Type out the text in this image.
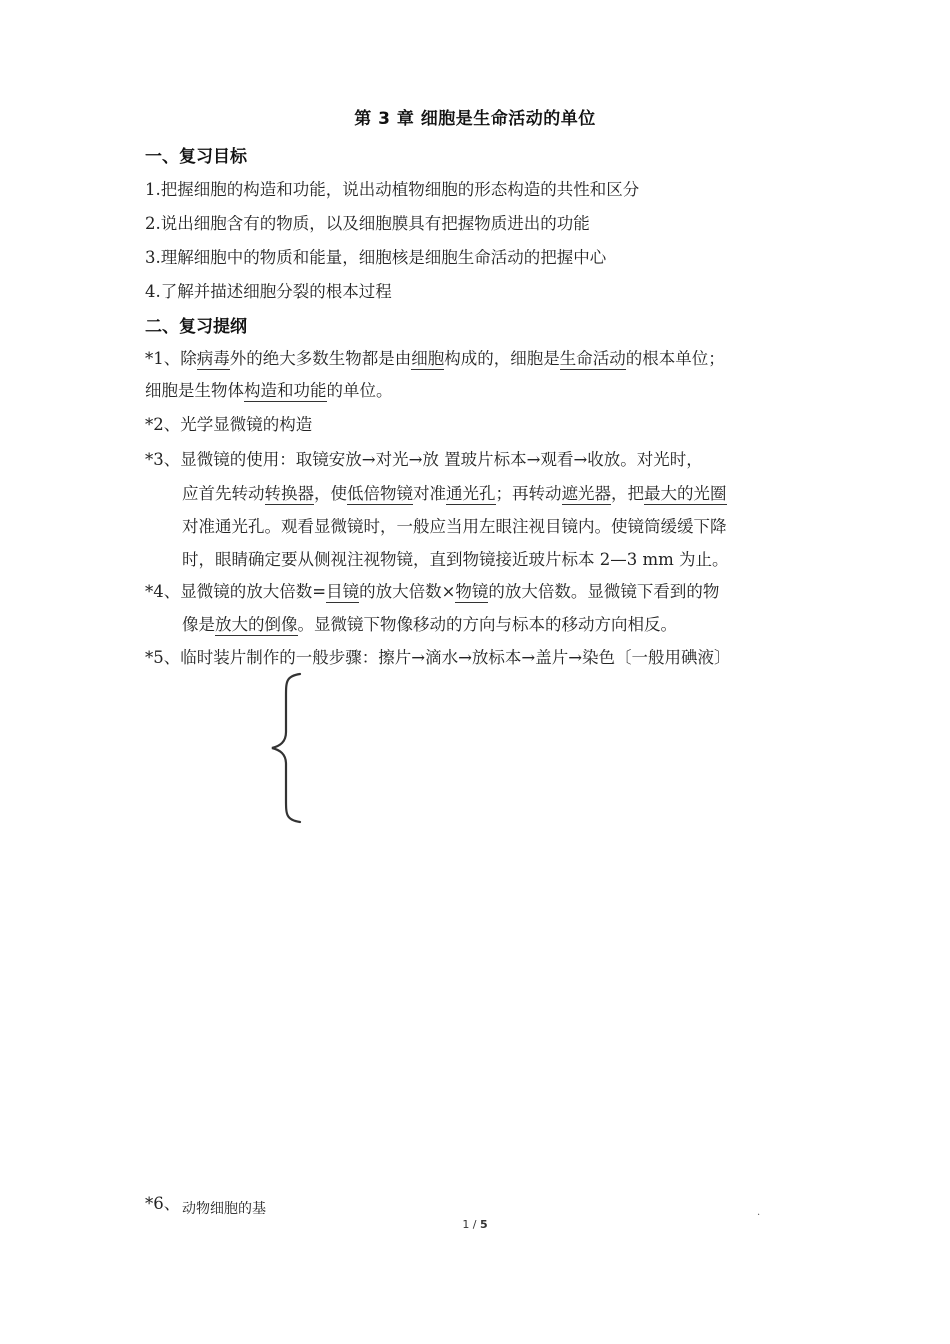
第 3 章 细胞是生命活动的单位
一、复习目标
1.把握细胞的构造和功能，说出动植物细胞的形态构造的共性和区分
2.说出细胞含有的物质，以及细胞膜具有把握物质进出的功能
3.理解细胞中的物质和能量，细胞核是细胞生命活动的把握中心
4.了解并描述细胞分裂的根本过程
二、复习提纲
*1、除病毒外的绝大多数生物都是由细胞构成的，细胞是生命活动的根本单位；
细胞是生物体构造和功能的单位。
*2、光学显微镜的构造
*3、显微镜的使用：取镜安放→对光→放 置玻片标本→观看→收放。对光时，
应首先转动转换器，使低倍物镜对准通光孔；再转动遮光器，把最大的光圈
对准通光孔。观看显微镜时，一般应当用左眼注视目镜内。使镜筒缓缓下降
时，眼睛确定要从侧视注视物镜，直到物镜接近玻片标本 2—3 mm 为止。
*4、显微镜的放大倍数=目镜的放大倍数×物镜的放大倍数。显微镜下看到的物
像是放大的倒像。显微镜下物像移动的方向与标本的移动方向相反。
*5、临时装片制作的一般步骤：擦片→滴水→放标本→盖片→染色〔一般用碘液〕
*6、 动物细胞的基	.
1 / 5
